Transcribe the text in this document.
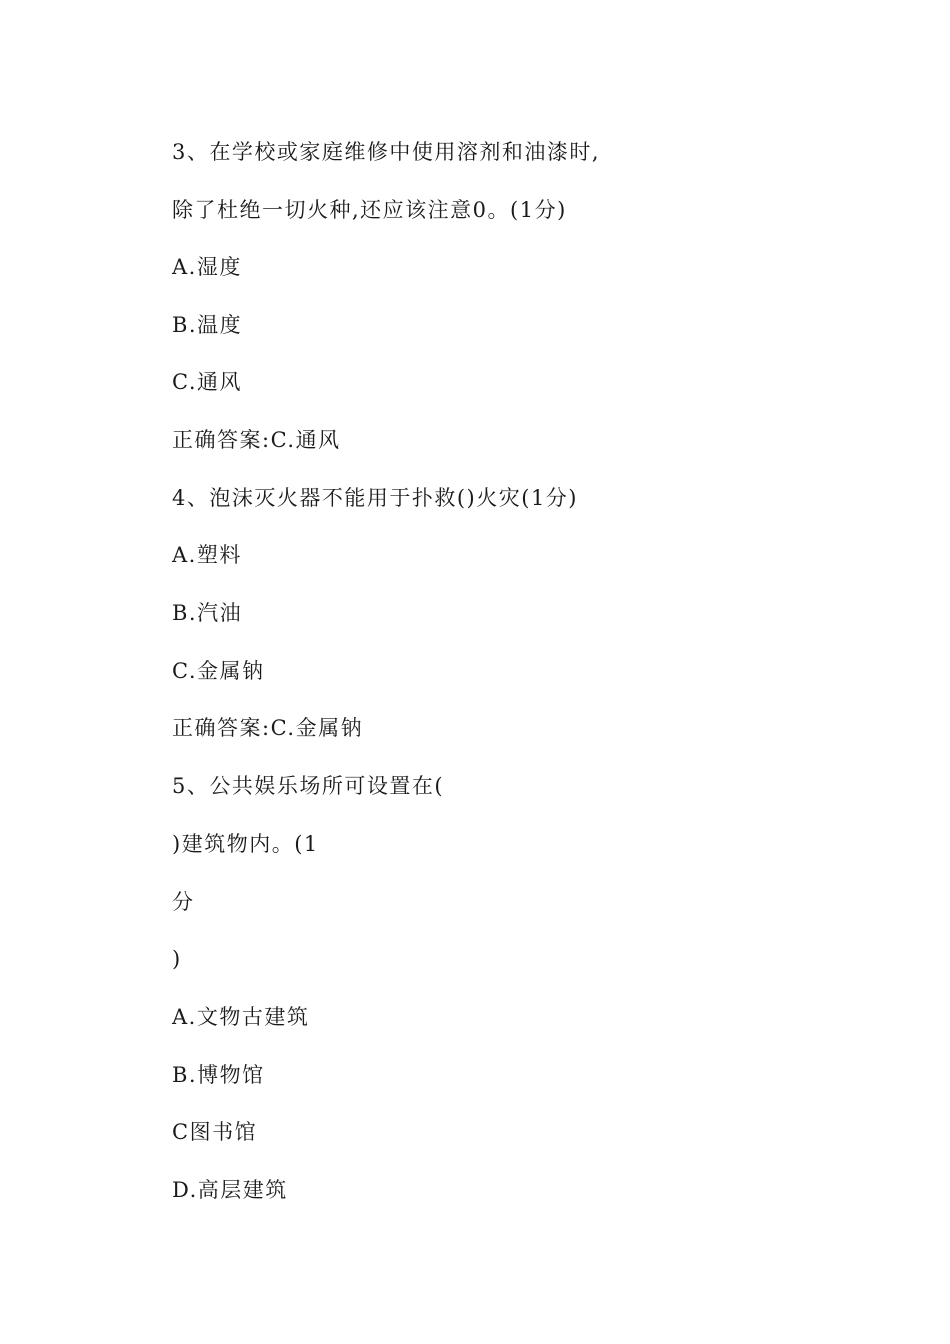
3、在学校或家庭维修中使用溶剂和油漆时,
除了杜绝一切火种,还应该注意0。(1分)
A.湿度
B.温度
C.通风
正确答案:C.通风
4、泡沫灭火器不能用于扑救()火灾(1分)
A.塑料
B.汽油
C.金属钠
正确答案:C.金属钠
5、公共娱乐场所可设置在(
)建筑物内。(1
分
)
A.文物古建筑
B.博物馆
C图书馆
D.高层建筑
